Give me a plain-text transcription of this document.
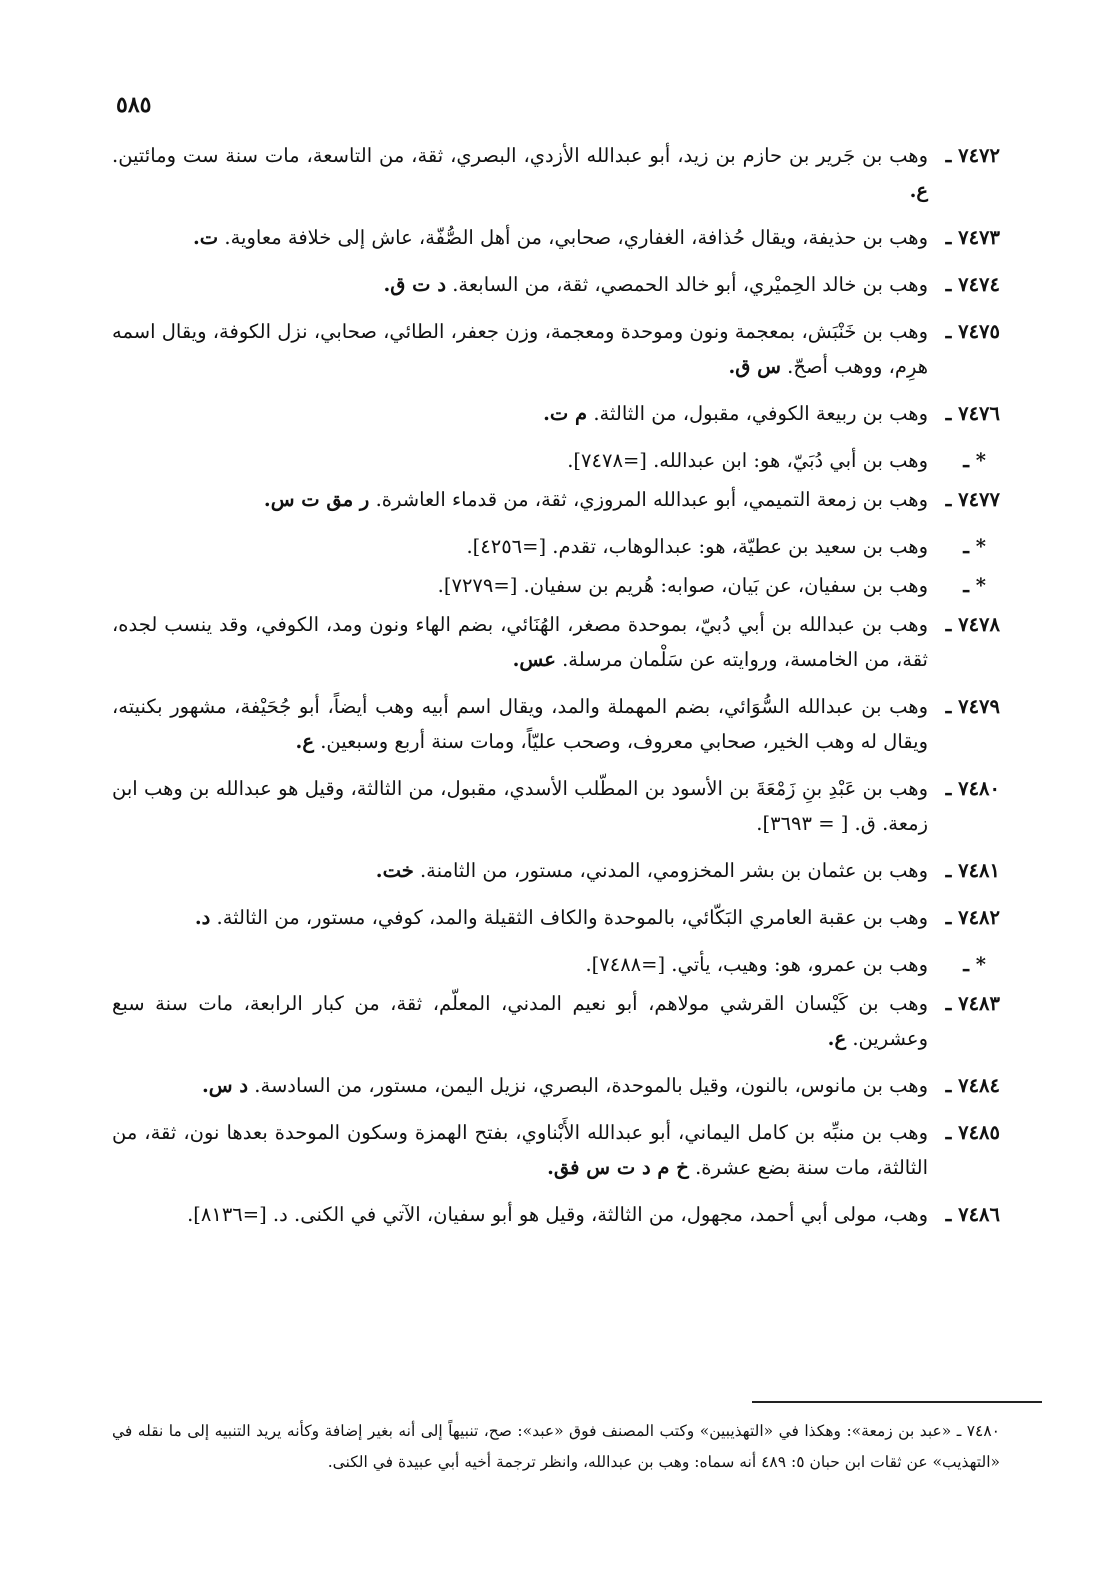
٥٨٥
٧٤٧٢ ـ
وهب بن جَرير بن حازم بن زيد، أبو عبدالله الأزدي، البصري، ثقة، من التاسعة، مات سنة ست ومائتين. ع.
٧٤٧٣ ـ
وهب بن حذيفة، ويقال حُذافة، الغفاري، صحابي، من أهل الصُّفّة، عاش إلى خلافة معاوية. ت.
٧٤٧٤ ـ
وهب بن خالد الحِميْري، أبو خالد الحمصي، ثقة، من السابعة. د ت ق.
٧٤٧٥ ـ
وهب بن خَنْبَش، بمعجمة ونون وموحدة ومعجمة، وزن جعفر، الطائي، صحابي، نزل الكوفة، ويقال اسمه هرِم، ووهب أصحّ. س ق.
٧٤٧٦ ـ
وهب بن ربيعة الكوفي، مقبول، من الثالثة. م ت.
* ـ
وهب بن أبي دُبَيّ، هو: ابن عبدالله. [=٧٤٧٨].
٧٤٧٧ ـ
وهب بن زمعة التميمي، أبو عبدالله المروزي، ثقة، من قدماء العاشرة. ر مق ت س.
* ـ
وهب بن سعيد بن عطيّة، هو: عبدالوهاب، تقدم. [=٤٢٥٦].
* ـ
وهب بن سفيان، عن بَيان، صوابه: هُريم بن سفيان. [=٧٢٧٩].
٧٤٧٨ ـ
وهب بن عبدالله بن أبي دُبيّ، بموحدة مصغر، الهُنَائي، بضم الهاء ونون ومد، الكوفي، وقد ينسب لجده، ثقة، من الخامسة، وروايته عن سَلْمان مرسلة. عس.
٧٤٧٩ ـ
وهب بن عبدالله السُّوَائي، بضم المهملة والمد، ويقال اسم أبيه وهب أيضاً، أبو جُحَيْفة، مشهور بكنيته، ويقال له وهب الخير، صحابي معروف، وصحب عليّاً، ومات سنة أربع وسبعين. ع.
٧٤٨٠ ـ
وهب بن عَبْدِ بنِ زَمْعَةَ بن الأسود بن المطّلب الأسدي، مقبول، من الثالثة، وقيل هو عبدالله بن وهب ابن زمعة. ق. [ = ٣٦٩٣].
٧٤٨١ ـ
وهب بن عثمان بن بشر المخزومي، المدني، مستور، من الثامنة. خت.
٧٤٨٢ ـ
وهب بن عقبة العامري البَكّائي، بالموحدة والكاف الثقيلة والمد، كوفي، مستور، من الثالثة. د.
* ـ
وهب بن عمرو، هو: وهيب، يأتي. [=٧٤٨٨].
٧٤٨٣ ـ
وهب بن كَيْسان القرشي مولاهم، أبو نعيم المدني، المعلّم، ثقة، من كبار الرابعة، مات سنة سبع وعشرين. ع.
٧٤٨٤ ـ
وهب بن مانوس، بالنون، وقيل بالموحدة، البصري، نزيل اليمن، مستور، من السادسة. د س.
٧٤٨٥ ـ
وهب بن منبِّه بن كامل اليماني، أبو عبدالله الأَبْناوي، بفتح الهمزة وسكون الموحدة بعدها نون، ثقة، من الثالثة، مات سنة بضع عشرة. خ م د ت س فق.
٧٤٨٦ ـ
وهب، مولى أبي أحمد، مجهول، من الثالثة، وقيل هو أبو سفيان، الآتي في الكنى. د. [=٨١٣٦].
٧٤٨٠ ـ «عبد بن زمعة»: وهكذا في «التهذيبين» وكتب المصنف فوق «عبد»: صح، تنبيهاً إلى أنه بغير إضافة وكأنه يريد التنبيه إلى ما نقله في «التهذيب» عن ثقات ابن حبان ٥: ٤٨٩ أنه سماه: وهب بن عبدالله، وانظر ترجمة أخيه أبي عبيدة في الكنى.
